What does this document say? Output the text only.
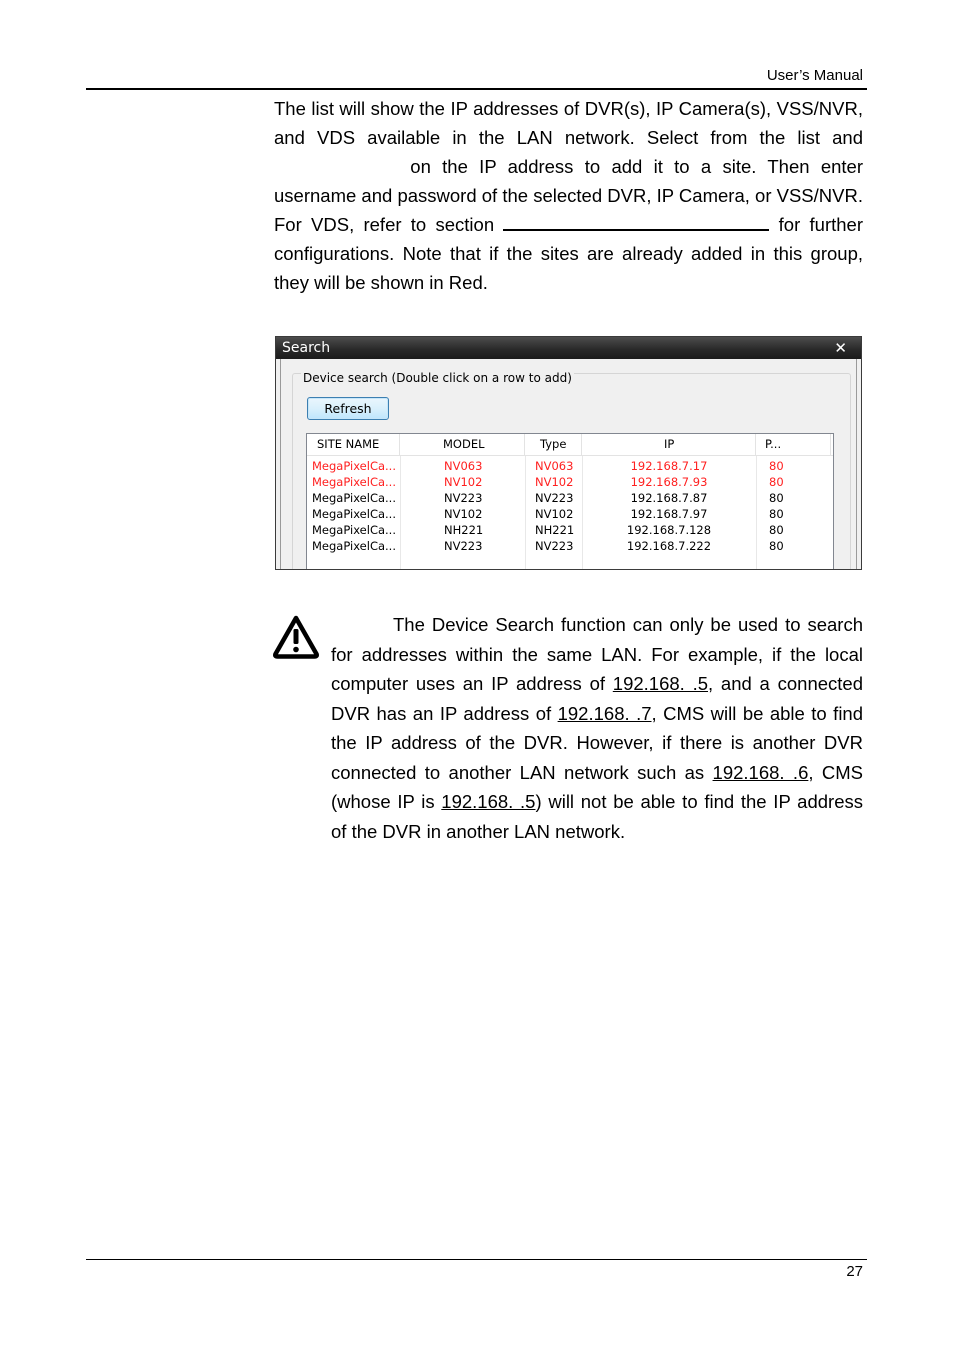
User’s Manual
The list will show the IP addresses of DVR(s), IP Camera(s), VSS/NVR, and VDS available in the LAN network. Select from the list and  on the IP address to add it to a site. Then enter username and password of the selected DVR, IP Camera, or VSS/NVR. For VDS, refer to section	for further configurations. Note that if the sites are already added in this group, they will be shown in Red.
Search	✕
Device search (Double click on a row to add)
Refresh
SITE NAME	MODEL	Type	IP	P...
MegaPixelCa...	NV063	NV063	192.168.7.17	80
MegaPixelCa...	NV102	NV102	192.168.7.93	80
MegaPixelCa...	NV223	NV223	192.168.7.87	80
MegaPixelCa...	NV102	NV102	192.168.7.97	80
MegaPixelCa...	NH221	NH221	192.168.7.128	80
MegaPixelCa...	NV223	NV223	192.168.7.222	80
The Device Search function can only be used to search for addresses within the same LAN. For example, if the local computer uses an IP address of 192.168. .5, and a connected DVR has an IP address of 192.168. .7, CMS will be able to find the IP address of the DVR. However, if there is another DVR connected to another LAN network such as 192.168. .6, CMS (whose IP is 192.168. .5) will not be able to find the IP address of the DVR in another LAN network.
27
